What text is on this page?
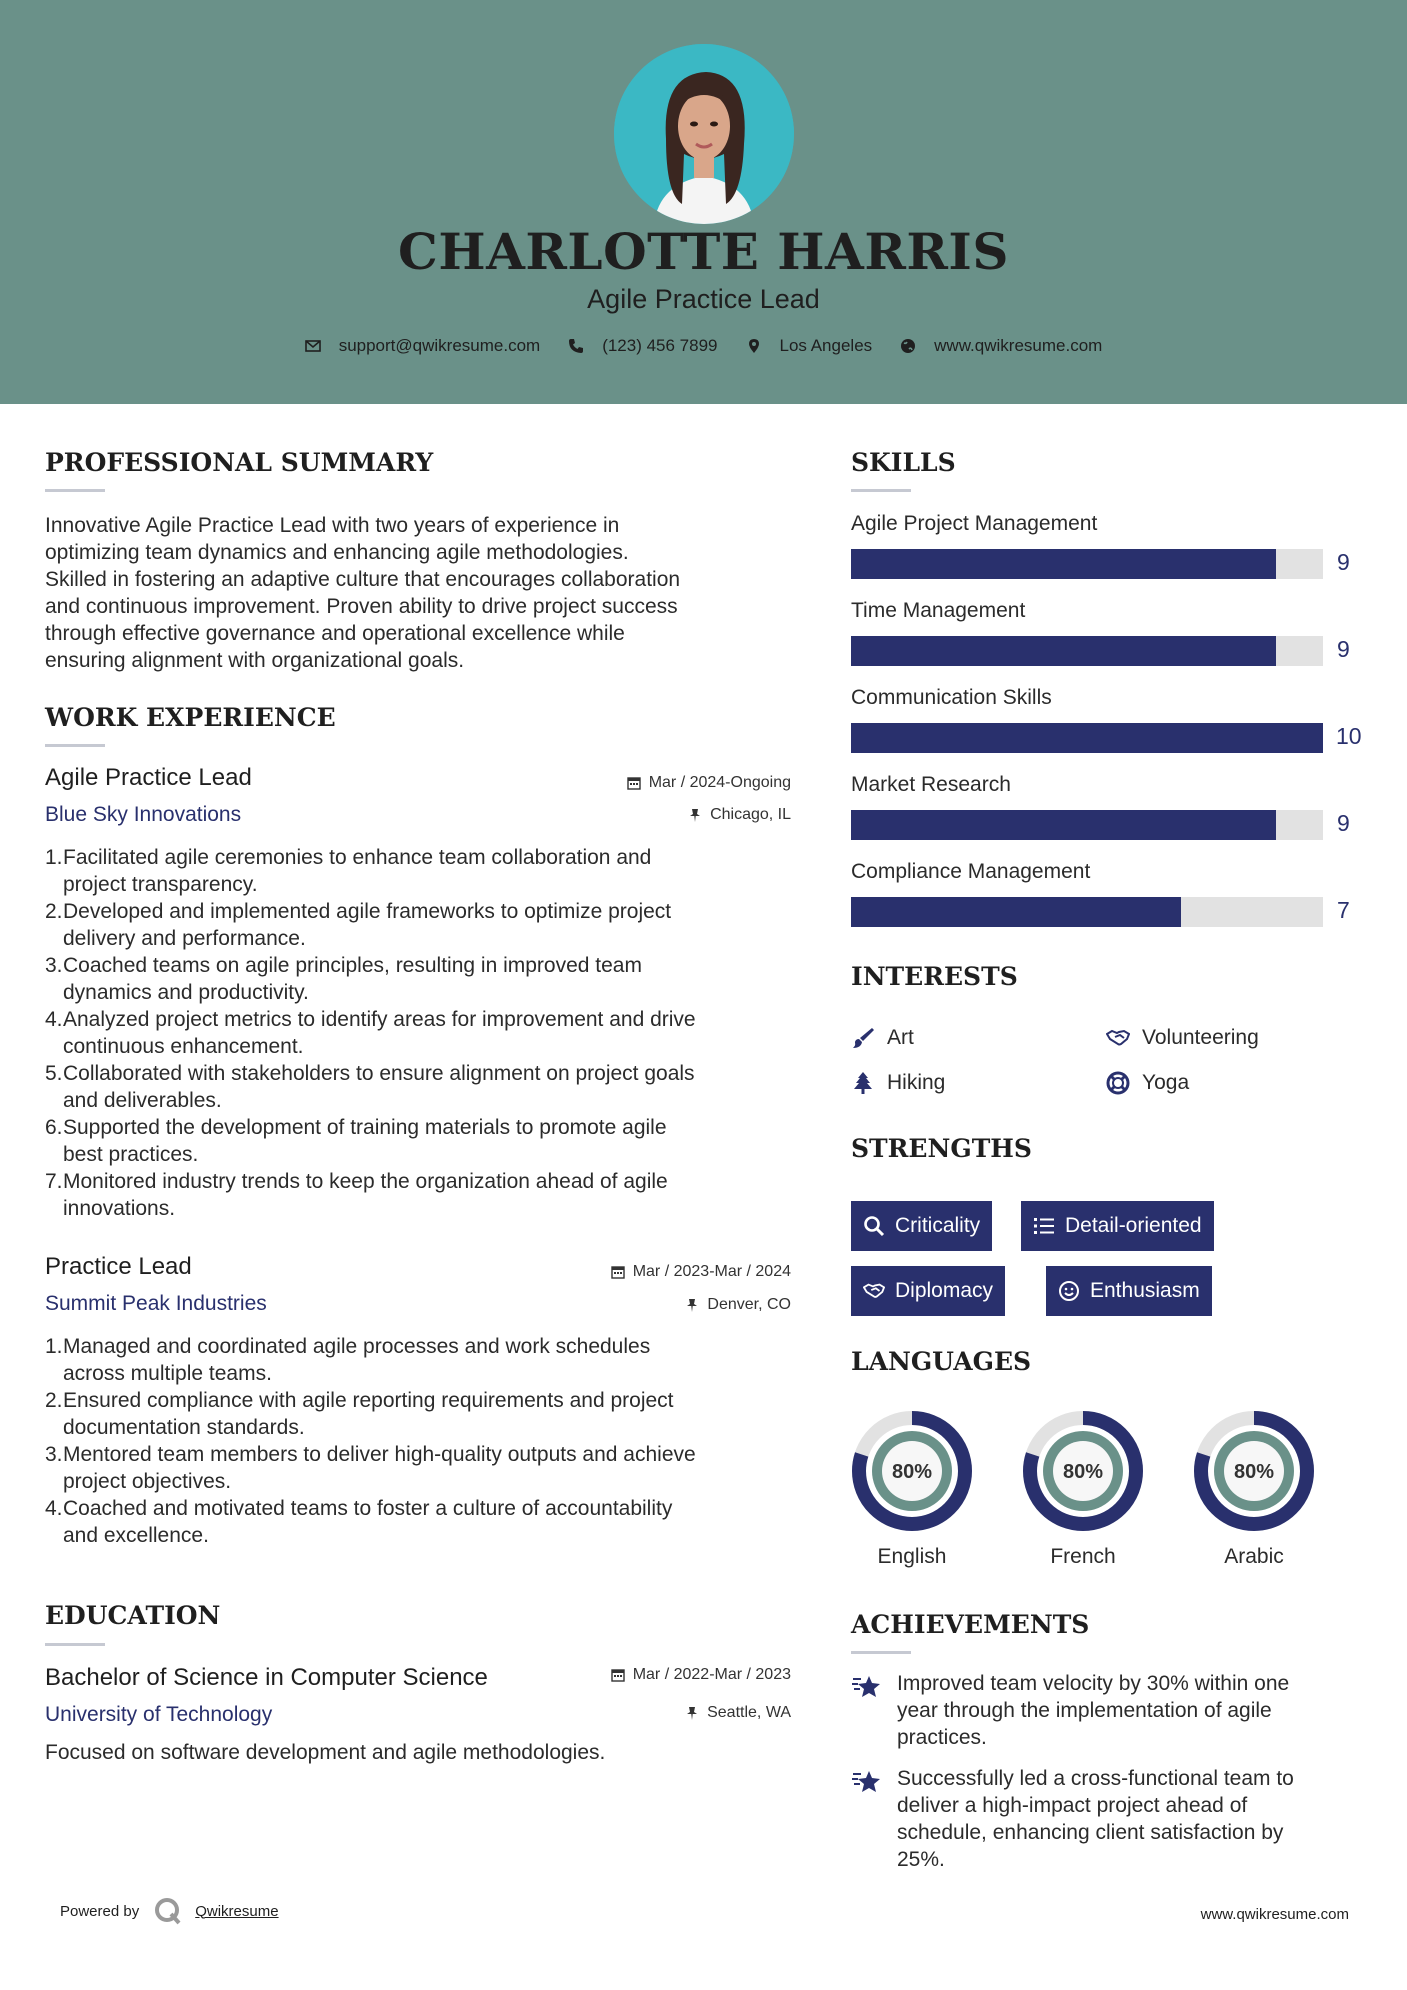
CHARLOTTE HARRIS
Agile Practice Lead
support@qwikresume.com	(123) 456 7899	Los Angeles	www.qwikresume.com
PROFESSIONAL SUMMARY
Innovative Agile Practice Lead with two years of experience in
optimizing team dynamics and enhancing agile methodologies.
Skilled in fostering an adaptive culture that encourages collaboration
and continuous improvement. Proven ability to drive project success
through effective governance and operational excellence while
ensuring alignment with organizational goals.
WORK EXPERIENCE
Agile Practice Lead	Mar / 2024-Ongoing
Blue Sky Innovations	Chicago, IL
1. Facilitated agile ceremonies to enhance team collaboration and
project transparency.
2. Developed and implemented agile frameworks to optimize project
delivery and performance.
3. Coached teams on agile principles, resulting in improved team
dynamics and productivity.
4. Analyzed project metrics to identify areas for improvement and drive
continuous enhancement.
5. Collaborated with stakeholders to ensure alignment on project goals
and deliverables.
6. Supported the development of training materials to promote agile
best practices.
7. Monitored industry trends to keep the organization ahead of agile
innovations.
Practice Lead	Mar / 2023-Mar / 2024
Summit Peak Industries	Denver, CO
1. Managed and coordinated agile processes and work schedules
across multiple teams.
2. Ensured compliance with agile reporting requirements and project
documentation standards.
3. Mentored team members to deliver high-quality outputs and achieve
project objectives.
4. Coached and motivated teams to foster a culture of accountability
and excellence.
EDUCATION
Bachelor of Science in Computer Science	Mar / 2022-Mar / 2023
University of Technology	Seattle, WA
Focused on software development and agile methodologies.
SKILLS
Agile Project Management
9
Time Management
9
Communication Skills
10
Market Research
9
Compliance Management
7
INTERESTS
Art	Volunteering
Hiking	Yoga
STRENGTHS
Criticality	Detail-oriented
Diplomacy	Enthusiasm
LANGUAGES
80%
English
80%
French
80%
Arabic
ACHIEVEMENTS
Improved team velocity by 30% within one
year through the implementation of agile
practices.
Successfully led a cross-functional team to
deliver a high-impact project ahead of
schedule, enhancing client satisfaction by
25%.
Powered by	Qwikresume	www.qwikresume.com
